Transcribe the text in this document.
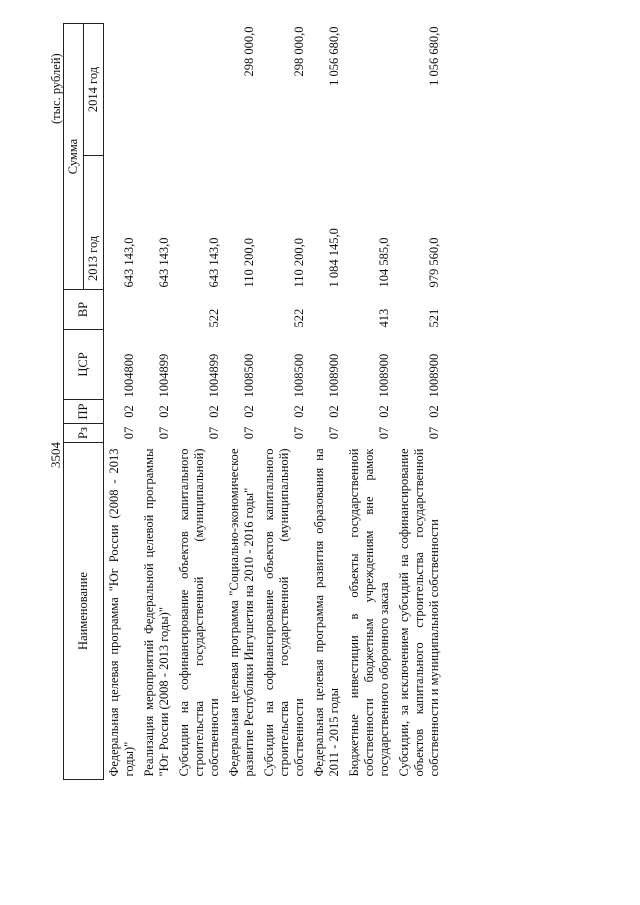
3504
(тыс. рублей)
Наименование	Рз	ПР	ЦСР	ВР	Сумма	
					2013 год	2014 год
Федеральная целевая программа "Юг России (2008 - 2013 годы)"	07	02	1004800		643 143,0	
Реализация мероприятий Федеральной целевой программы "Юг России (2008 - 2013 годы)"	07	02	1004899		643 143,0	
Субсидии на софинансирование объектов капитального строительства государственной (муниципальной) собственности	07	02	1004899	522	643 143,0	
Федеральная целевая программа "Социально-экономическое развитие Республики Ингушетия на 2010 - 2016 годы"	07	02	1008500		110 200,0	298 000,0
Субсидии на софинансирование объектов капитального строительства государственной (муниципальной) собственности	07	02	1008500	522	110 200,0	298 000,0
Федеральная целевая программа развития образования на 2011 - 2015 годы	07	02	1008900		1 084 145,0	1 056 680,0
Бюджетные инвестиции в объекты государственной собственности бюджетным учреждениям вне рамок государственного оборонного заказа	07	02	1008900	413	104 585,0	
Субсидии, за исключением субсидий на софинансирование объектов капитального строительства государственной собственности и муниципальной собственности	07	02	1008900	521	979 560,0	1 056 680,0
